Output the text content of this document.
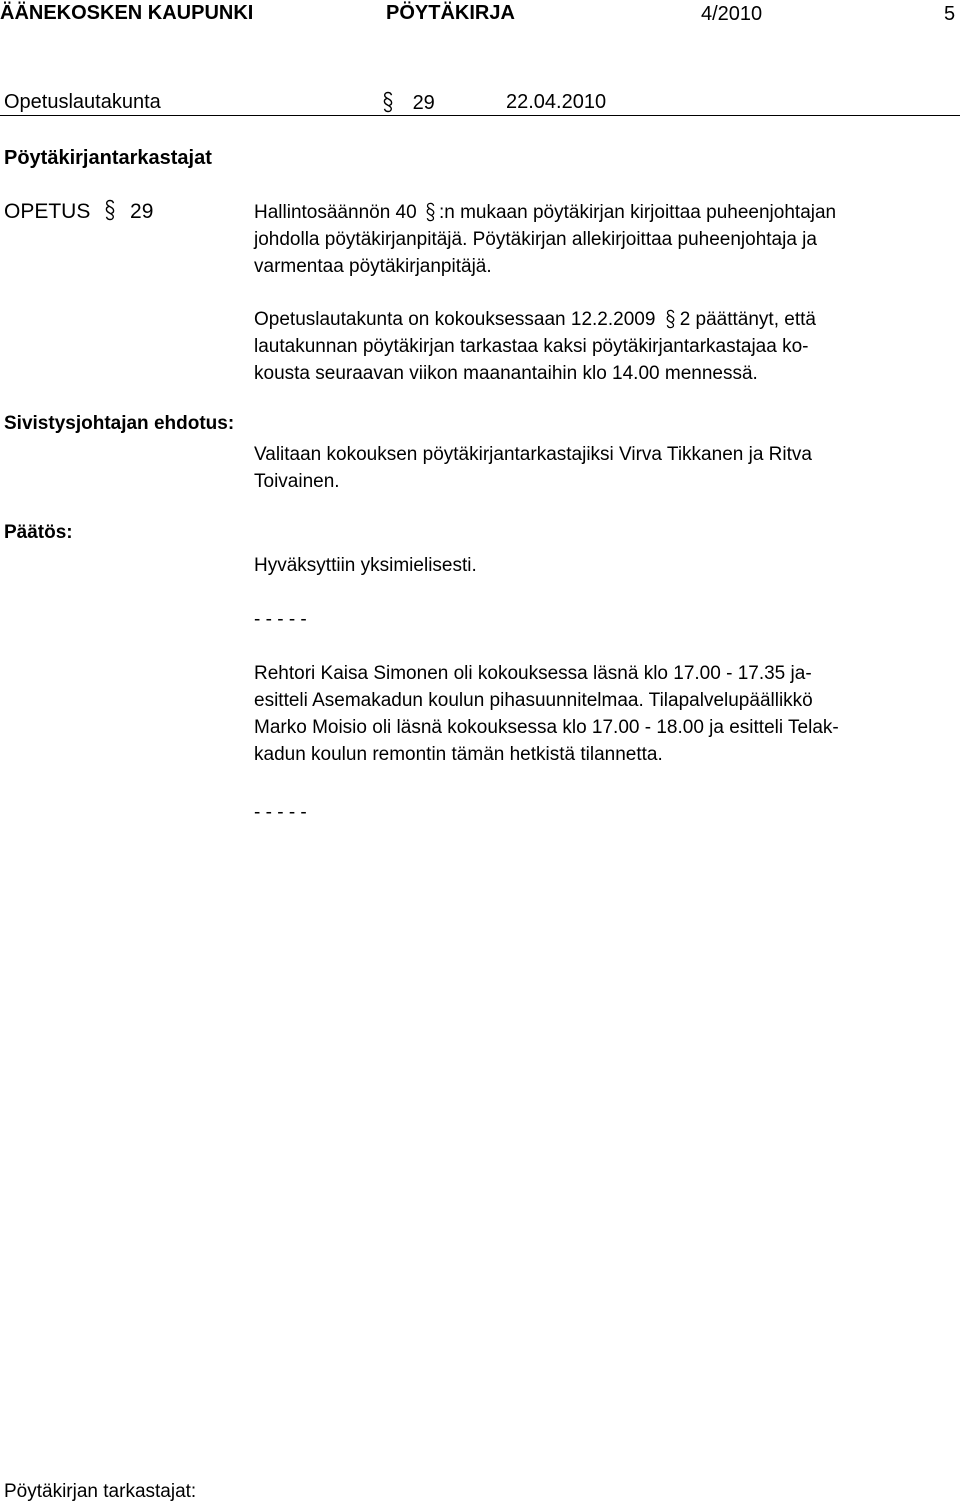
ÄÄNEKOSKEN KAUPUNKI	PÖYTÄKIRJA	4/2010	5
Opetuslautakunta	29	22.04.2010
Pöytäkirjantarkastajat
OPETUS 29	Hallintosäännön 40 :n mukaan pöytäkirjan kirjoittaa puheenjohtajan

johdolla pöytäkirjanpitäjä. Pöytäkirjan allekirjoittaa puheenjohtaja ja

varmentaa pöytäkirjanpitäjä.

Opetuslautakunta on kokouksessaan 12.2.2009 2 päättänyt, että

lautakunnan pöytäkirjan tarkastaa kaksi pöytäkirjantarkastajaa ko-

kousta seuraavan viikon maanantaihin klo 14.00 mennessä.

Sivistysjohtajan ehdotus:

Valitaan kokouksen pöytäkirjantarkastajiksi Virva Tikkanen ja Ritva

Toivainen.

Päätös:

Hyväksyttiin yksimielisesti.

- - - - -

Rehtori Kaisa Simonen oli kokouksessa läsnä klo 17.00 - 17.35 ja-

esitteli Asemakadun koulun pihasuunnitelmaa. Tilapalvelupäällikkö

Marko Moisio oli läsnä kokouksessa klo 17.00 - 18.00 ja esitteli Telak-

kadun koulun remontin tämän hetkistä tilannetta.

- - - - -
Pöytäkirjan tarkastajat:
